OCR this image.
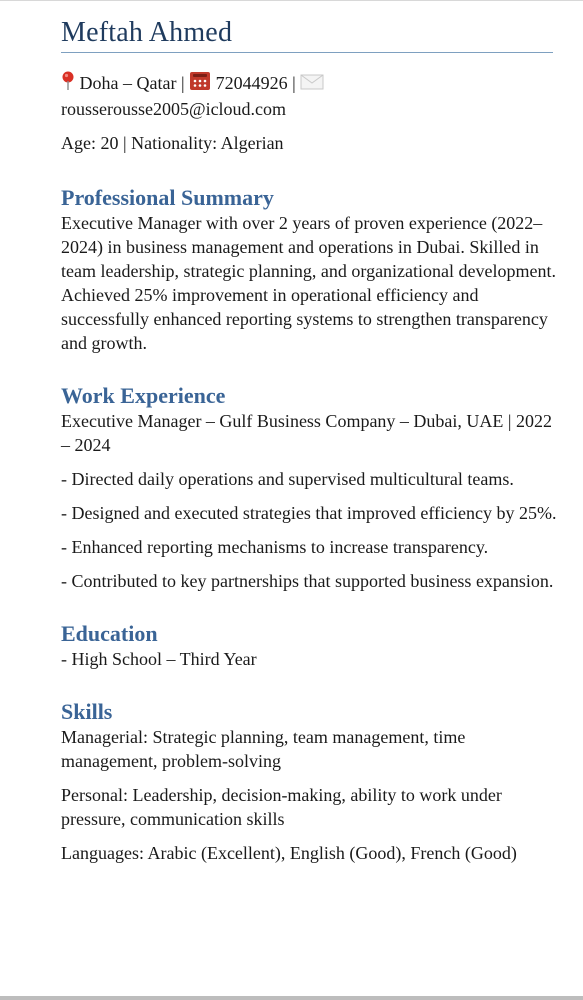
Meftah Ahmed

Doha – Qatar | 72044926 |
rousserousse2005@icloud.com

Age: 20 | Nationality: Algerian

Professional Summary

Executive Manager with over 2 years of proven experience (2022–2024) in business management and operations in Dubai. Skilled in team leadership, strategic planning, and organizational development. Achieved 25% improvement in operational efficiency and successfully enhanced reporting systems to strengthen transparency and growth.

Work Experience

Executive Manager – Gulf Business Company – Dubai, UAE | 2022 – 2024

- Directed daily operations and supervised multicultural teams.

- Designed and executed strategies that improved efficiency by 25%.

- Enhanced reporting mechanisms to increase transparency.

- Contributed to key partnerships that supported business expansion.

Education

- High School – Third Year

Skills

Managerial: Strategic planning, team management, time management, problem-solving

Personal: Leadership, decision-making, ability to work under pressure, communication skills

Languages: Arabic (Excellent), English (Good), French (Good)
